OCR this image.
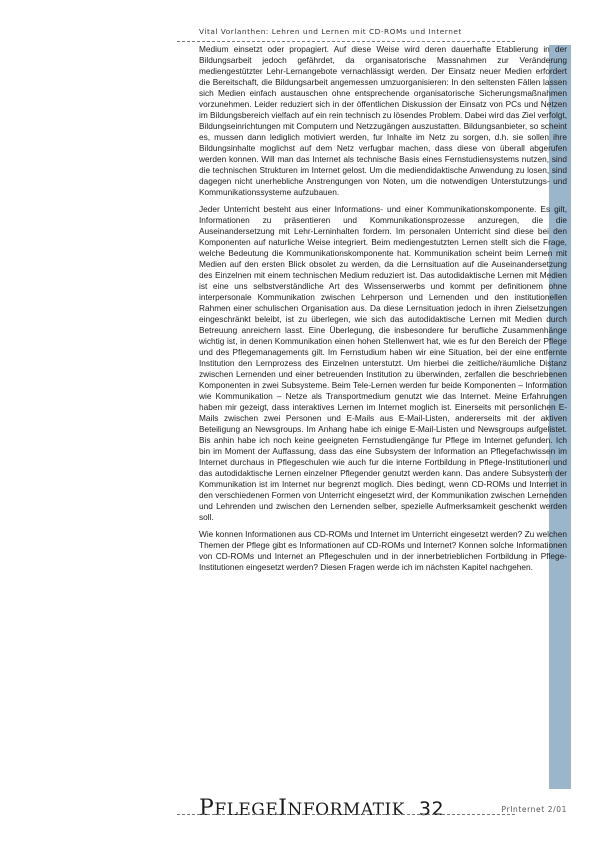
Vital Vorlanthen: Lehren und Lernen mit CD-ROMs und Internet

Medium einsetzt oder propagiert. Auf diese Weise wird deren dauerhafte Etablierung in der Bildungsarbeit jedoch gefährdet, da organisatorische Massnahmen zur Veränderung mediengestützter Lehr-Lernangebote vernachlässigt werden. Der Einsatz neuer Medien erfordert die Bereitschaft, die Bildungsarbeit angemessen umzuorganisieren: In den seltensten Fällen lassen sich Medien einfach austauschen ohne entsprechende organisatorische Sicherungsmaßnahmen vorzunehmen. Leider reduziert sich in der öffentlichen Diskussion der Einsatz von PCs und Netzen im Bildungsbereich vielfach auf ein rein technisch zu lösendes Problem. Dabei wird das Ziel verfolgt, Bildungseinrichtungen mit Computern und Netzzugängen auszustatten. Bildungsanbieter, so scheint es, mussen dann lediglich motiviert werden, fur Inhalte im Netz zu sorgen, d.h. sie sollen ihre Bildungsinhalte moglichst auf dem Netz verfugbar machen, dass diese von überall abgerufen werden konnen. Will man das Internet als technische Basis eines Fernstudiensystems nutzen, sind die technischen Strukturen im Internet gelost. Um die mediendidaktische Anwendung zu losen, sind dagegen nicht unerhebliche Anstrengungen von Noten, um die notwendigen Unterstutzungs- und Kommunikationssysteme aufzubauen.

Jeder Unterricht besteht aus einer Informations- und einer Kommunikationskomponente. Es gilt, Informationen zu präsentieren und Kommunikationsprozesse anzuregen, die die Auseinandersetzung mit Lehr-Lerninhalten fordern. Im personalen Unterricht sind diese bei den Komponenten auf naturliche Weise integriert. Beim mediengestutzten Lernen stellt sich die Frage, welche Bedeutung die Kommunikationskomponente hat. Kommunikation scheint beim Lernen mit Medien auf den ersten Blick obsolet zu werden, da die Lernsituation auf die Auseinandersetzung des Einzelnen mit einem technischen Medium reduziert ist. Das autodidaktische Lernen mit Medien ist eine uns selbstverständliche Art des Wissenserwerbs und kommt per definitionem ohne interpersonale Kommunikation zwischen Lehrperson und Lernenden und den institutionellen Rahmen einer schulischen Organisation aus. Da diese Lernsituation jedoch in ihren Zielsetzungen eingeschränkt beleibt, ist zu überlegen, wie sich das autodidaktische Lernen mit Medien durch Betreuung anreichern lasst. Eine Überlegung, die insbesondere fur berufliche Zusammenhänge wichtig ist, in denen Kommunikation einen hohen Stellenwert hat, wie es fur den Bereich der Pflege und des Pflegemanagements gilt. Im Fernstudium haben wir eine Situation, bei der eine entfernte Institution den Lernprozess des Einzelnen unterstutzt. Um hierbei die zeitliche/räumliche Distanz zwischen Lernenden und einer betreuenden Institution zu überwinden, zerfallen die beschriebenen Komponenten in zwei Subsysteme. Beim Tele-Lernen werden fur beide Komponenten – Information wie Kommunikation – Netze als Transportmedium genutzt wie das Internet. Meine Erfahrungen haben mir gezeigt, dass interaktives Lernen im Internet moglich ist. Einerseits mit personlichen E-Mails zwischen zwei Personen und E-Mails aus E-Mail-Listen, andererseits mit der aktiven Beteiligung an Newsgroups. Im Anhang habe ich einige E-Mail-Listen und Newsgroups aufgelistet. Bis anhin habe ich noch keine geeigneten Fernstudiengänge fur Pflege im Internet gefunden. Ich bin im Moment der Auffassung, dass das eine Subsystem der Information an Pflegefachwissen im Internet durchaus in Pflegeschulen wie auch fur die interne Fortbildung in Pflege-Institutionen und das autodidaktische Lernen einzelner Pflegender genutzt werden kann. Das andere Subsystem der Kommunikation ist im Internet nur begrenzt moglich. Dies bedingt, wenn CD-ROMs und Internet in den verschiedenen Formen von Unterricht eingesetzt wird, der Kommunikation zwischen Lernenden und Lehrenden und zwischen den Lernenden selber, spezielle Aufmerksamkeit geschenkt werden soll.

Wie konnen Informationen aus CD-ROMs und Internet im Unterricht eingesetzt werden? Zu welchen Themen der Pflege gibt es Informationen auf CD-ROMs und Internet? Konnen solche Informationen von CD-ROMs und Internet an Pflegeschulen und in der innerbetrieblichen Fortbildung in Pflege-Institutionen eingesetzt werden? Diesen Fragen werde ich im nächsten Kapitel nachgehen.

PFLEGEINFORMATIK 32	PrInternet 2/01
